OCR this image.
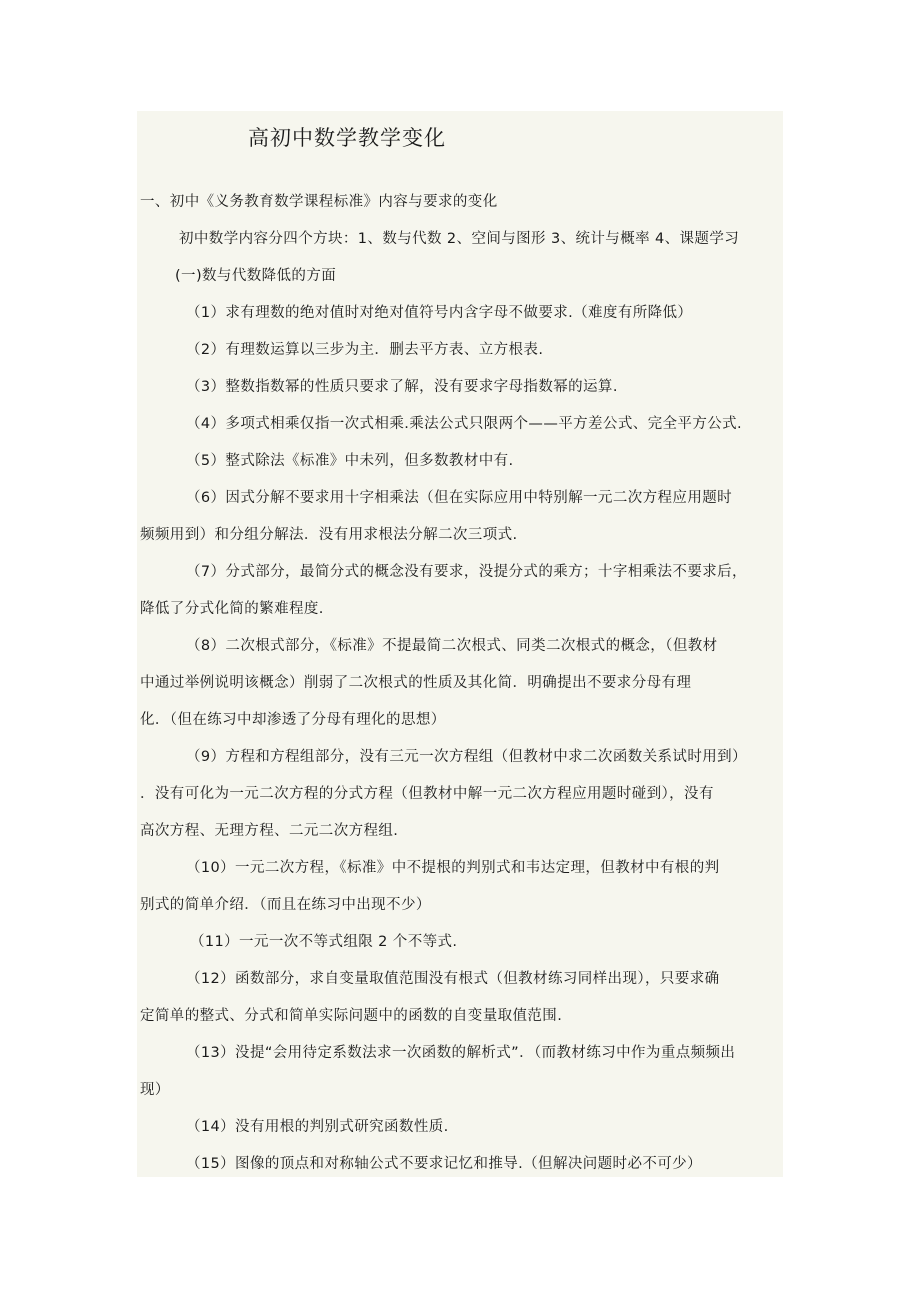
高初中数学教学变化
一、初中《义务教育数学课程标准》内容与要求的变化
初中数学内容分四个方块：1、数与代数 2、空间与图形 3、统计与概率 4、课题学习
(一)数与代数降低的方面
（1）求有理数的绝对值时对绝对值符号内含字母不做要求.（难度有所降低）
（2）有理数运算以三步为主．删去平方表、立方根表.
（3）整数指数幂的性质只要求了解，没有要求字母指数幂的运算.
（4）多项式相乘仅指一次式相乘.乘法公式只限两个——平方差公式、完全平方公式.
（5）整式除法《标准》中未列，但多数教材中有.
（6）因式分解不要求用十字相乘法（但在实际应用中特别解一元二次方程应用题时
频频用到）和分组分解法．没有用求根法分解二次三项式.
（7）分式部分，最简分式的概念没有要求，没提分式的乘方；十字相乘法不要求后，
降低了分式化简的繁难程度.
（8）二次根式部分，《标准》不提最简二次根式、同类二次根式的概念，（但教材
中通过举例说明该概念）削弱了二次根式的性质及其化简．明确提出不要求分母有理
化．（但在练习中却渗透了分母有理化的思想）
（9）方程和方程组部分，没有三元一次方程组（但教材中求二次函数关系试时用到）
．没有可化为一元二次方程的分式方程（但教材中解一元二次方程应用题时碰到），没有
高次方程、无理方程、二元二次方程组.
（10）一元二次方程，《标准》中不提根的判别式和韦达定理，但教材中有根的判
别式的简单介绍．（而且在练习中出现不少）
（11）一元一次不等式组限 2 个不等式.
（12）函数部分，求自变量取值范围没有根式（但教材练习同样出现），只要求确
定简单的整式、分式和简单实际问题中的函数的自变量取值范围.
（13）没提“会用待定系数法求一次函数的解析式”．（而教材练习中作为重点频频出
现）
（14）没有用根的判别式研究函数性质.
（15）图像的顶点和对称轴公式不要求记忆和推导.（但解决问题时必不可少）
